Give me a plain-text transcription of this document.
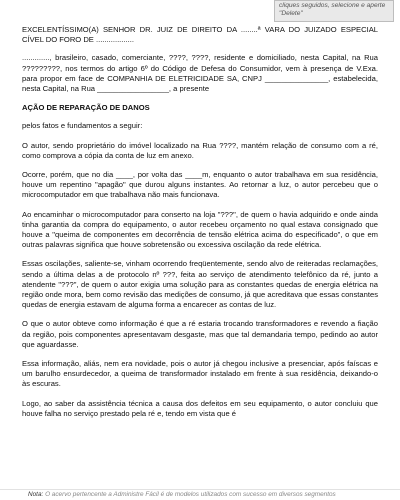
cliques seguidos, selecione e aperte "Delete"

EXCELENTÍSSIMO(A) SENHOR DR. JUIZ DE DIREITO DA ........ª VARA DO JUIZADO ESPECIAL CÍVEL DO FORO DE ..................

............., brasileiro, casado, comerciante, ????, ????, residente e domiciliado, nesta Capital, na Rua ?????????, nos termos do artigo 6º do Código de Defesa do Consumidor, vem à presença de V.Exa. para propor em face de COMPANHIA DE ELETRICIDADE SA, CNPJ _______________, estabelecida, nesta Capital, na Rua _________________, a presente

AÇÃO DE REPARAÇÃO DE DANOS

pelos fatos e fundamentos a seguir:

O autor, sendo proprietário do imóvel localizado na Rua ????, mantém relação de consumo com a ré, como comprova a cópia da conta de luz em anexo.

Ocorre, porém, que no dia ____, por volta das ____m, enquanto o autor trabalhava em sua residência, houve um repentino "apagão" que durou alguns instantes. Ao retornar a luz, o autor percebeu que o microcomputador em que trabalhava não mais funcionava.

Ao encaminhar o microcomputador para conserto na loja "???", de quem o havia adquirido e onde ainda tinha garantia da compra do equipamento, o autor recebeu orçamento no qual estava consignado que houve a "queima de componentes em decorrência de tensão elétrica acima do especificado", o que em outras palavras significa que houve sobretensão ou excessiva oscilação da rede elétrica.

Essas oscilações, saliente-se, vinham ocorrendo freqüentemente, sendo alvo de reiteradas reclamações, sendo a última delas a de protocolo nº ???, feita ao serviço de atendimento telefônico da ré, junto a atendente "???", de quem o autor exigia uma solução para as constantes quedas de energia elétrica na região onde mora, bem como revisão das medições de consumo, já que acreditava que essas constantes quedas de energia estavam de alguma forma a encarecer as contas de luz.

O que o autor obteve como informação é que a ré estaria trocando transformadores e revendo a fiação da região, pois componentes apresentavam desgaste, mas que tal demandaria tempo, pedindo ao autor que aguardasse.

Essa informação, aliás, nem era novidade, pois o autor já chegou inclusive a presenciar, após faíscas e um barulho ensurdecedor, a queima de transformador instalado em frente à sua residência, deixando-o às escuras.

Logo, ao saber da assistência técnica a causa dos defeitos em seu equipamento, o autor concluiu que houve falha no serviço prestado pela ré e, tendo em vista que é

Nota: O acervo pertencente a Administre Fácil é de modelos utilizados com sucesso em diversos segmentos
